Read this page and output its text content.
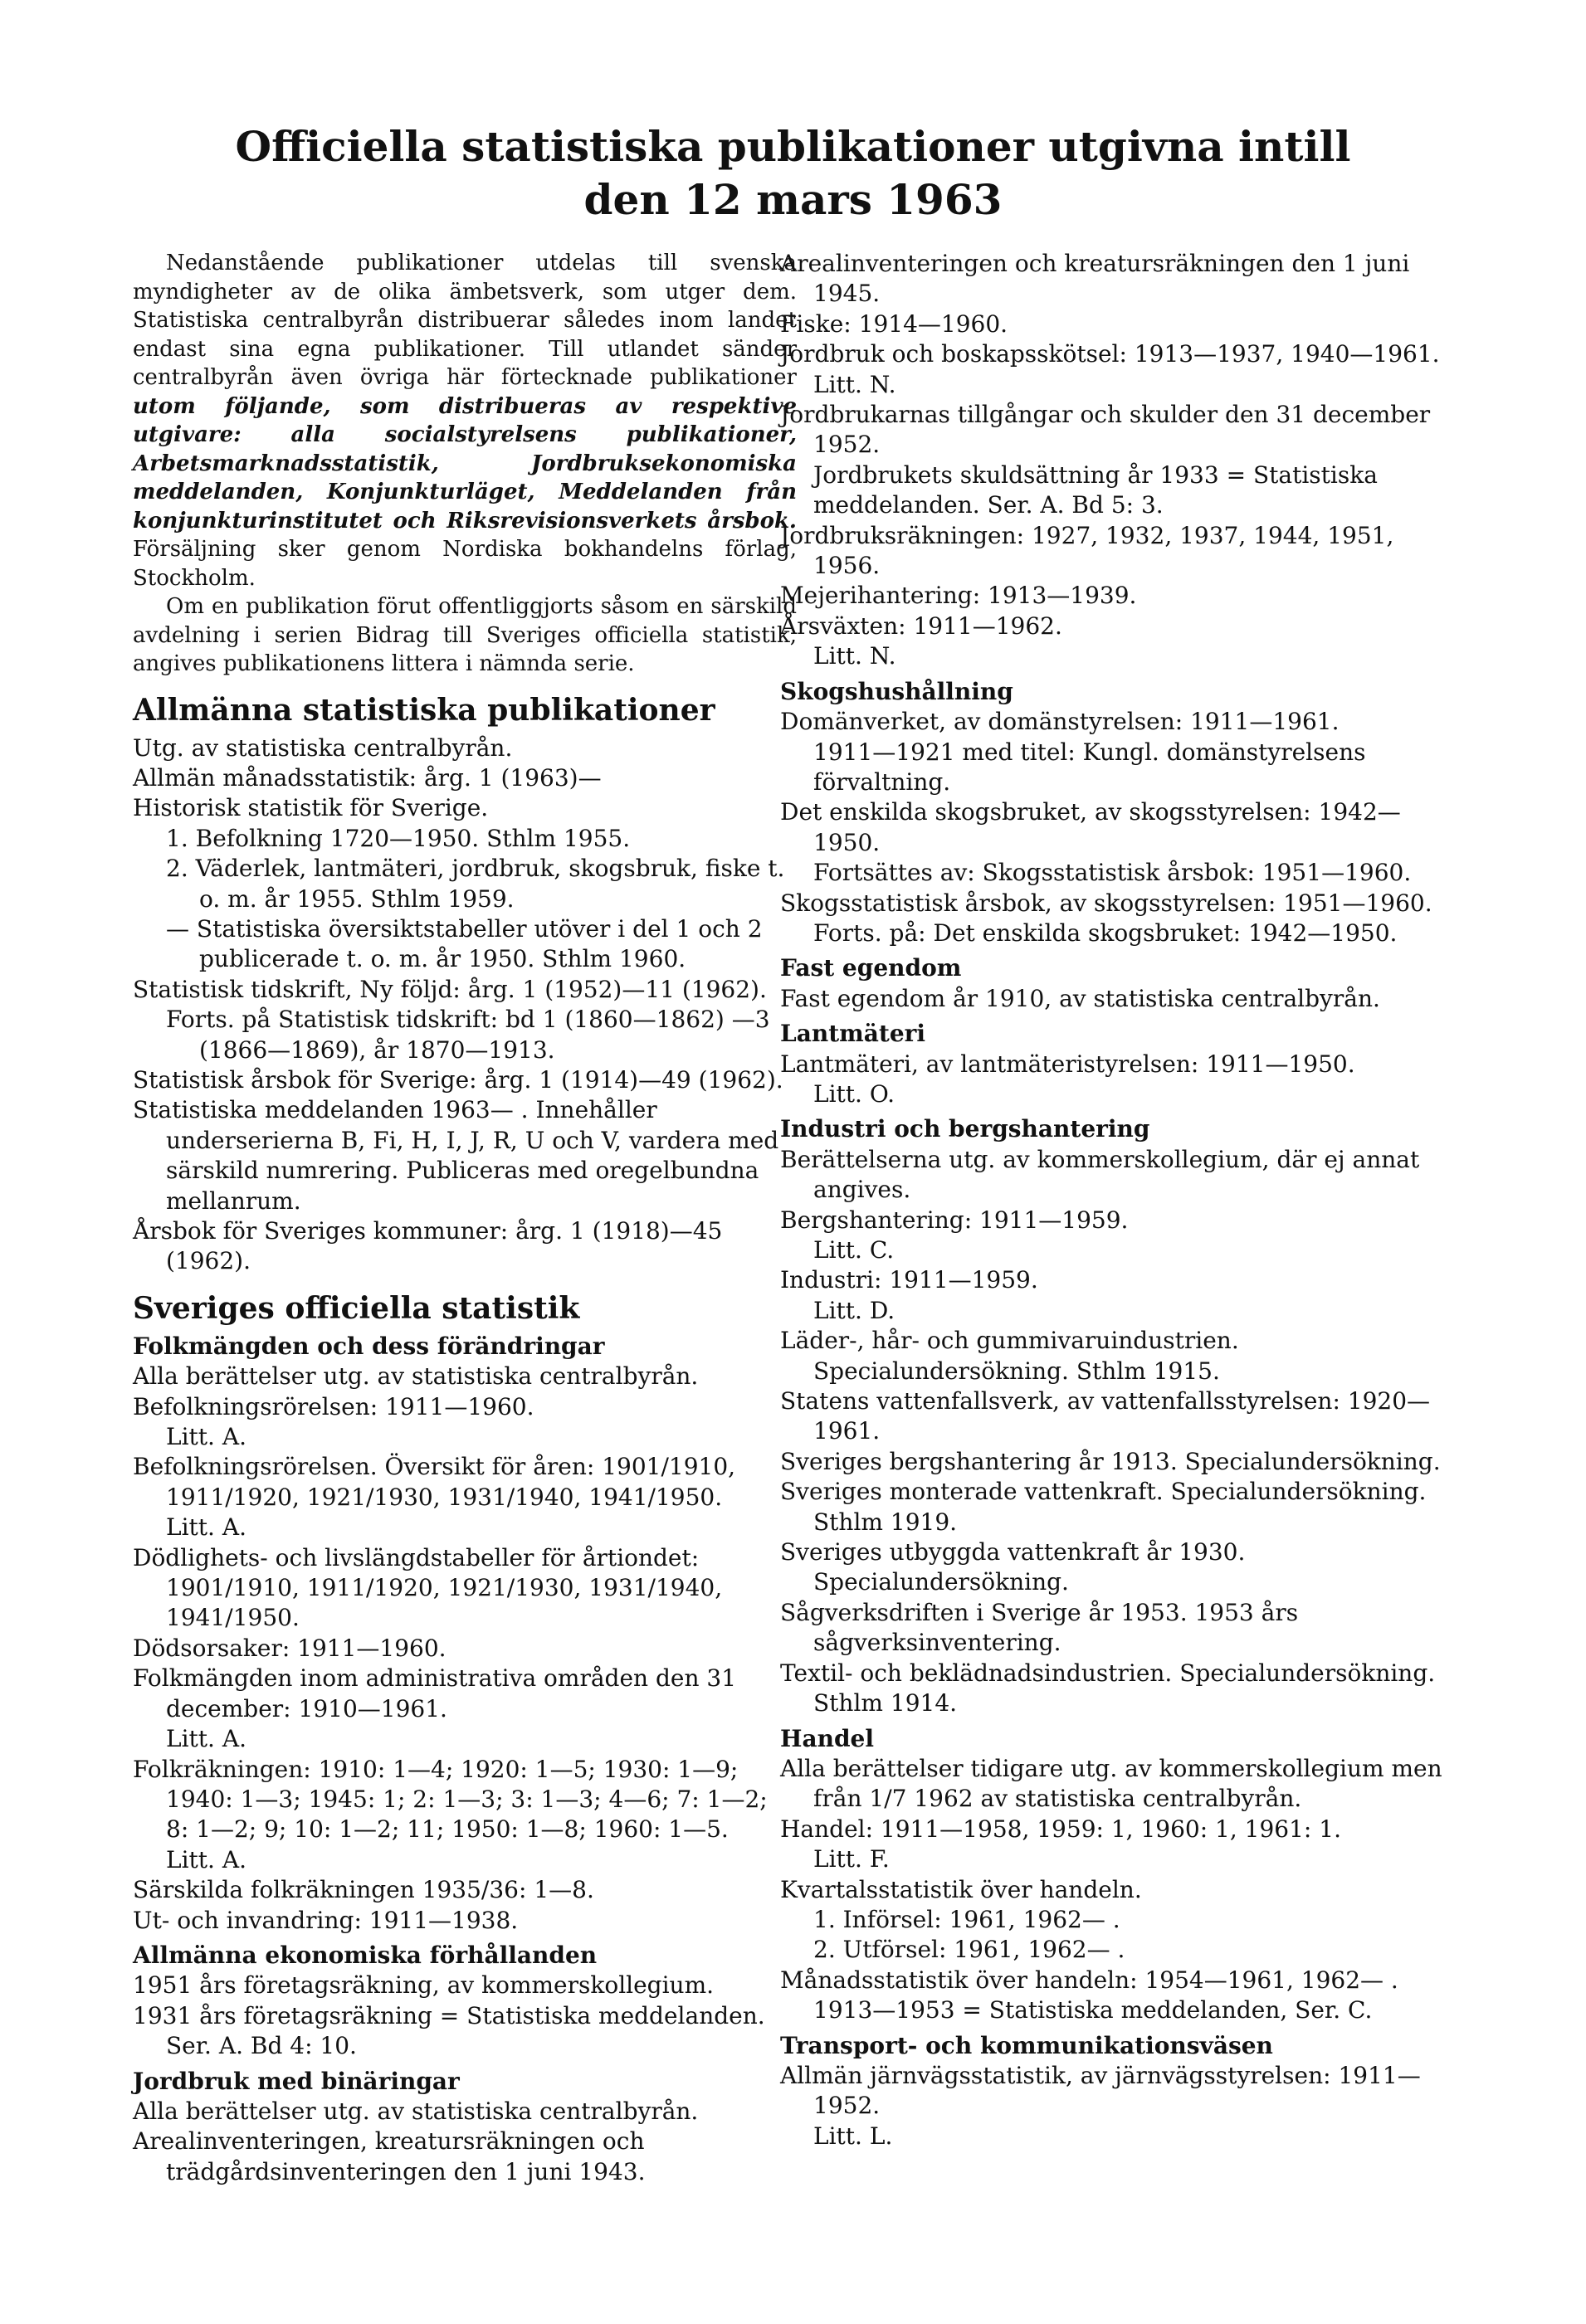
Officiella statistiska publikationer utgivna intill
den 12 mars 1963

Nedanstående publikationer utdelas till svenska myndigheter av de olika ämbetsverk, som utger dem. Statistiska centralbyrån distribuerar således inom landet endast sina egna publikationer. Till utlandet sänder centralbyrån även övriga här förtecknade publikationer utom följande, som distribueras av respektive utgivare: alla socialstyrelsens publikationer, Arbetsmarknadsstatistik, Jordbruksekonomiska meddelanden, Konjunkturläget, Meddelanden från konjunkturinstitutet och Riksrevisionsverkets årsbok. Försäljning sker genom Nordiska bokhandelns förlag, Stockholm.

Om en publikation förut offentliggjorts såsom en särskild avdelning i serien Bidrag till Sveriges officiella statistik, angives publikationens littera i nämnda serie.

Allmänna statistiska publikationer

Utg. av statistiska centralbyrån.

Allmän månadsstatistik: årg. 1 (1963)—

Historisk statistik för Sverige.

1. Befolkning 1720—1950. Sthlm 1955.

2. Väderlek, lantmäteri, jordbruk, skogsbruk, fiske t. o. m. år 1955. Sthlm 1959.

— Statistiska översiktstabeller utöver i del 1 och 2 publicerade t. o. m. år 1950. Sthlm 1960.

Statistisk tidskrift, Ny följd: årg. 1 (1952)—11 (1962).

Forts. på Statistisk tidskrift: bd 1 (1860—1862) —3 (1866—1869), år 1870—1913.

Statistisk årsbok för Sverige: årg. 1 (1914)—49 (1962).

Statistiska meddelanden 1963— . Innehåller underserierna B, Fi, H, I, J, R, U och V, vardera med särskild numrering. Publiceras med oregelbundna mellanrum.

Årsbok för Sveriges kommuner: årg. 1 (1918)—45 (1962).

Sveriges officiella statistik

Folkmängden och dess förändringar

Alla berättelser utg. av statistiska centralbyrån.

Befolkningsrörelsen: 1911—1960.

Litt. A.

Befolkningsrörelsen. Översikt för åren: 1901/1910, 1911/1920, 1921/1930, 1931/1940, 1941/1950.

Litt. A.

Dödlighets- och livslängdstabeller för årtiondet: 1901/1910, 1911/1920, 1921/1930, 1931/1940, 1941/1950.

Dödsorsaker: 1911—1960.

Folkmängden inom administrativa områden den 31 december: 1910—1961.

Litt. A.

Folkräkningen: 1910: 1—4; 1920: 1—5; 1930: 1—9; 1940: 1—3; 1945: 1; 2: 1—3; 3: 1—3; 4—6; 7: 1—2; 8: 1—2; 9; 10: 1—2; 11; 1950: 1—8; 1960: 1—5.

Litt. A.

Särskilda folkräkningen 1935/36: 1—8.

Ut- och invandring: 1911—1938.

Allmänna ekonomiska förhållanden

1951 års företagsräkning, av kommerskollegium.

1931 års företagsräkning = Statistiska meddelanden. Ser. A. Bd 4: 10.

Jordbruk med binäringar

Alla berättelser utg. av statistiska centralbyrån.

Arealinventeringen, kreatursräkningen och trädgårdsinventeringen den 1 juni 1943.

Arealinventeringen och kreatursräkningen den 1 juni 1945.

Fiske: 1914—1960.

Jordbruk och boskapsskötsel: 1913—1937, 1940—1961.

Litt. N.

Jordbrukarnas tillgångar och skulder den 31 december 1952.

Jordbrukets skuldsättning år 1933 = Statistiska meddelanden. Ser. A. Bd 5: 3.

Jordbruksräkningen: 1927, 1932, 1937, 1944, 1951, 1956.

Mejerihantering: 1913—1939.

Årsväxten: 1911—1962.

Litt. N.

Skogshushållning

Domänverket, av domänstyrelsen: 1911—1961.

1911—1921 med titel: Kungl. domänstyrelsens förvaltning.

Det enskilda skogsbruket, av skogsstyrelsen: 1942—1950.

Fortsättes av: Skogsstatistisk årsbok: 1951—1960.

Skogsstatistisk årsbok, av skogsstyrelsen: 1951—1960.

Forts. på: Det enskilda skogsbruket: 1942—1950.

Fast egendom

Fast egendom år 1910, av statistiska centralbyrån.

Lantmäteri

Lantmäteri, av lantmäteristyrelsen: 1911—1950.

Litt. O.

Industri och bergshantering

Berättelserna utg. av kommerskollegium, där ej annat angives.

Bergshantering: 1911—1959.

Litt. C.

Industri: 1911—1959.

Litt. D.

Läder-, hår- och gummivaruindustrien. Specialundersökning. Sthlm 1915.

Statens vattenfallsverk, av vattenfallsstyrelsen: 1920—1961.

Sveriges bergshantering år 1913. Specialundersökning.

Sveriges monterade vattenkraft. Specialundersökning. Sthlm 1919.

Sveriges utbyggda vattenkraft år 1930. Specialundersökning.

Sågverksdriften i Sverige år 1953. 1953 års sågverksinventering.

Textil- och beklädnadsindustrien. Specialundersökning. Sthlm 1914.

Handel

Alla berättelser tidigare utg. av kommerskollegium men från 1/7 1962 av statistiska centralbyrån.

Handel: 1911—1958, 1959: 1, 1960: 1, 1961: 1.

Litt. F.

Kvartalsstatistik över handeln.

1. Införsel: 1961, 1962— .

2. Utförsel: 1961, 1962— .

Månadsstatistik över handeln: 1954—1961, 1962— .

1913—1953 = Statistiska meddelanden, Ser. C.

Transport- och kommunikationsväsen

Allmän järnvägsstatistik, av järnvägsstyrelsen: 1911—1952.

Litt. L.
